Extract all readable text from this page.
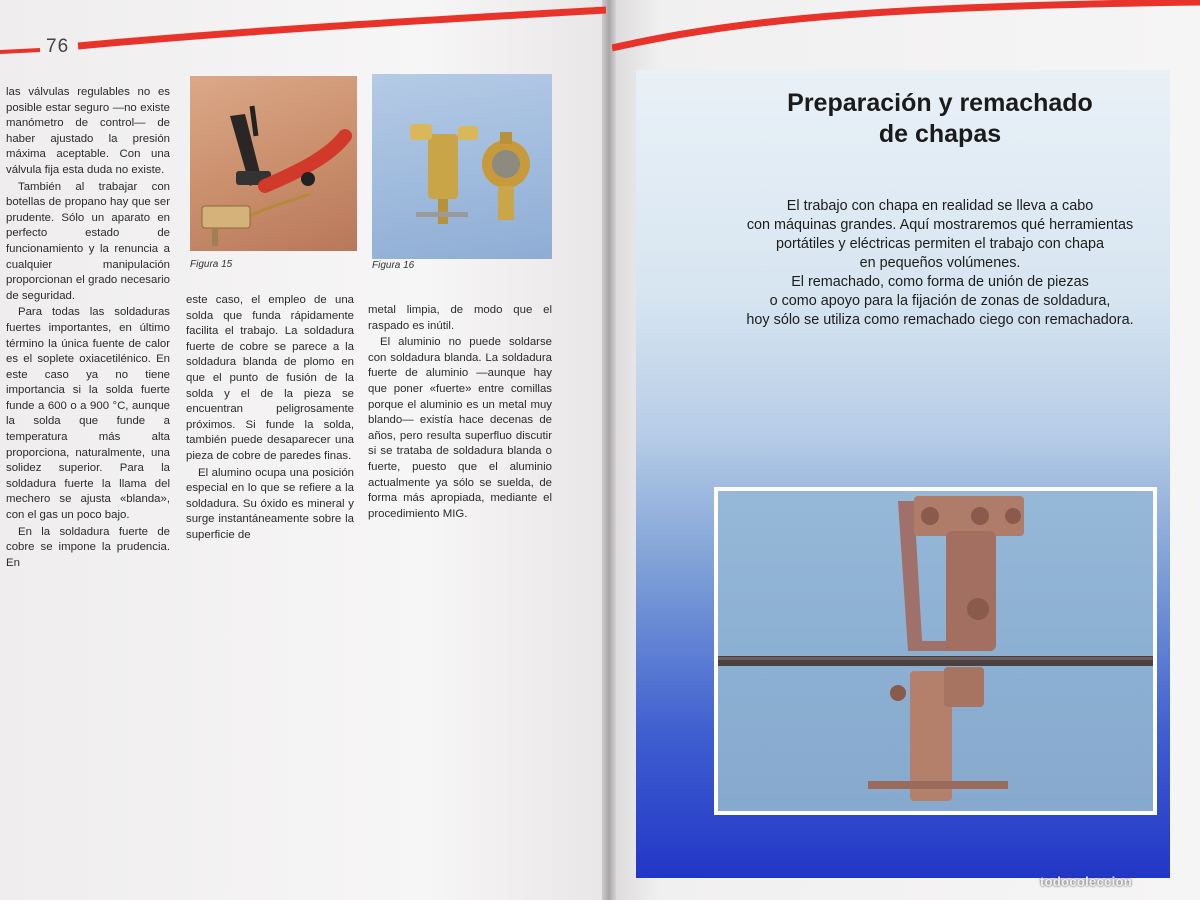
76

las válvulas regulables no es posible estar seguro —no existe manómetro de control— de haber ajustado la presión máxima aceptable. Con una válvula fija esta duda no existe.

También al trabajar con botellas de propano hay que ser prudente. Sólo un aparato en perfecto estado de funcionamiento y la renuncia a cualquier manipulación proporcionan el grado necesario de seguridad.

Para todas las soldaduras fuertes importantes, en último término la única fuente de calor es el soplete oxiacetilénico. En este caso ya no tiene importancia si la solda fuerte funde a 600 o a 900 °C, aunque la solda que funde a temperatura más alta proporciona, naturalmente, una solidez superior. Para la soldadura fuerte la llama del mechero se ajusta «blanda», con el gas un poco bajo.

En la soldadura fuerte de cobre se impone la prudencia. En

este caso, el empleo de una solda que funda rápidamente facilita el trabajo. La soldadura fuerte de cobre se parece a la soldadura blanda de plomo en que el punto de fusión de la solda y el de la pieza se encuentran peligrosamente próximos. Si funde la solda, también puede desaparecer una pieza de cobre de paredes finas.

El alumino ocupa una posición especial en lo que se refiere a la soldadura. Su óxido es mineral y surge instantáneamente sobre la superficie de

metal limpia, de modo que el raspado es inútil.

El aluminio no puede soldarse con soldadura blanda. La soldadura fuerte de aluminio —aunque hay que poner «fuerte» entre comillas porque el aluminio es un metal muy blando— existía hace decenas de años, pero resulta superfluo discutir si se trataba de soldadura blanda o fuerte, puesto que el aluminio actualmente ya sólo se suelda, de forma más apropiada, mediante el procedimiento MIG.

Figura 15	Figura 16
Preparación y remachado
de chapas

El trabajo con chapa en realidad se lleva a cabo

con máquinas grandes. Aquí mostraremos qué herramientas

portátiles y eléctricas permiten el trabajo con chapa

en pequeños volúmenes.

El remachado, como forma de unión de piezas

o como apoyo para la fijación de zonas de soldadura,

hoy sólo se utiliza como remachado ciego con remachadora.

todocoleccion
